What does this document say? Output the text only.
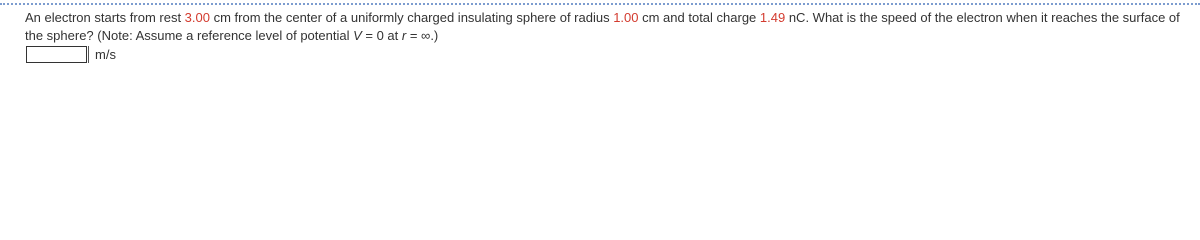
An electron starts from rest 3.00 cm from the center of a uniformly charged insulating sphere of radius 1.00 cm and total charge 1.49 nC. What is the speed of the electron when it reaches the surface of the sphere? (Note: Assume a reference level of potential V = 0 at r = ∞.)

m/s
